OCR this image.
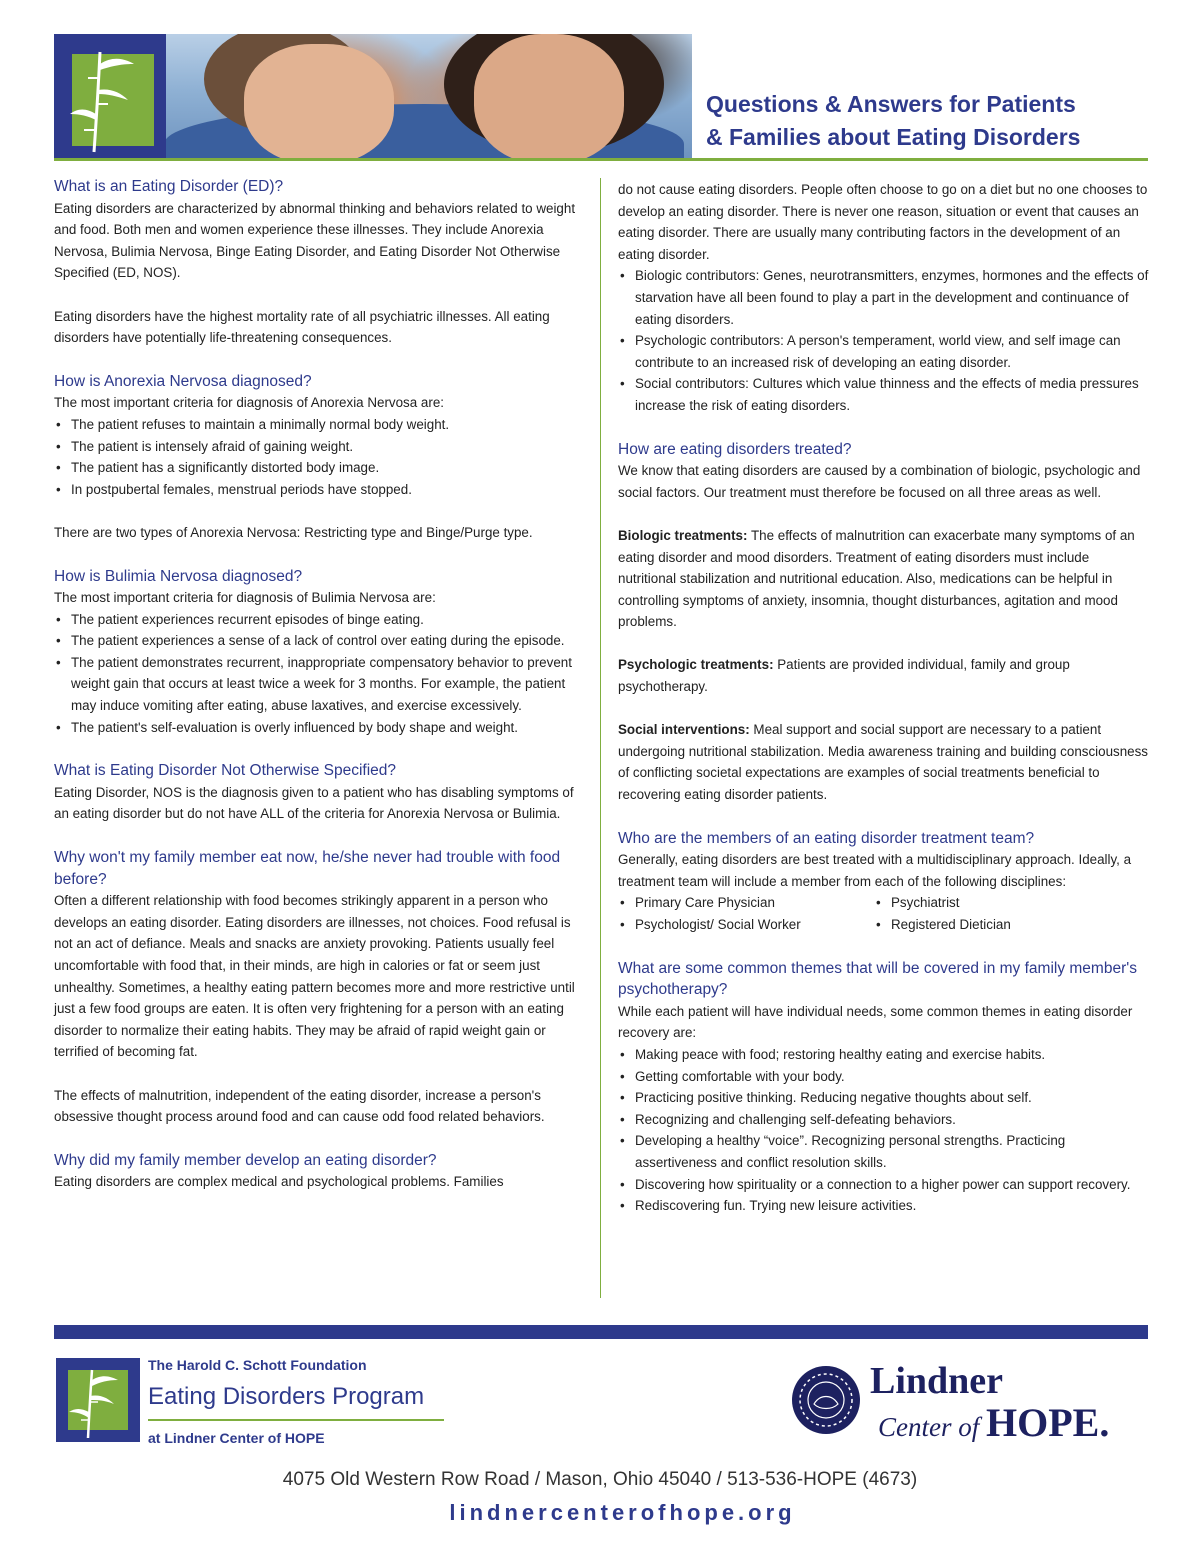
Questions & Answers for Patients
& Families about Eating Disorders
What is an Eating Disorder (ED)?

Eating disorders are characterized by abnormal thinking and behaviors related to weight and food. Both men and women experience these illnesses. They include Anorexia Nervosa, Bulimia Nervosa, Binge Eating Disorder, and Eating Disorder Not Otherwise Specified (ED, NOS).

Eating disorders have the highest mortality rate of all psychiatric illnesses. All eating disorders have potentially life-threatening consequences.

How is Anorexia Nervosa diagnosed?

The most important criteria for diagnosis of Anorexia Nervosa are:

• The patient refuses to maintain a minimally normal body weight.
• The patient is intensely afraid of gaining weight.
• The patient has a significantly distorted body image.
• In postpubertal females, menstrual periods have stopped.

There are two types of Anorexia Nervosa: Restricting type and Binge/Purge type.

How is Bulimia Nervosa diagnosed?

The most important criteria for diagnosis of Bulimia Nervosa are:

• The patient experiences recurrent episodes of binge eating.
• The patient experiences a sense of a lack of control over eating during the episode.
• The patient demonstrates recurrent, inappropriate compensatory behavior to prevent weight gain that occurs at least twice a week for 3 months. For example, the patient may induce vomiting after eating, abuse laxatives, and exercise excessively.
• The patient's self-evaluation is overly influenced by body shape and weight.
What is Eating Disorder Not Otherwise Specified?

Eating Disorder, NOS is the diagnosis given to a patient who has disabling symptoms of an eating disorder but do not have ALL of the criteria for Anorexia Nervosa or Bulimia.

Why won't my family member eat now, he/she never had trouble with food before?

Often a different relationship with food becomes strikingly apparent in a person who develops an eating disorder. Eating disorders are illnesses, not choices. Food refusal is not an act of defiance. Meals and snacks are anxiety provoking. Patients usually feel uncomfortable with food that, in their minds, are high in calories or fat or seem just unhealthy. Sometimes, a healthy eating pattern becomes more and more restrictive until just a few food groups are eaten. It is often very frightening for a person with an eating disorder to normalize their eating habits. They may be afraid of rapid weight gain or terrified of becoming fat.

The effects of malnutrition, independent of the eating disorder, increase a person's obsessive thought process around food and can cause odd food related behaviors.

Why did my family member develop an eating disorder?

Eating disorders are complex medical and psychological problems. Families

do not cause eating disorders. People often choose to go on a diet but no one chooses to develop an eating disorder. There is never one reason, situation or event that causes an eating disorder. There are usually many contributing factors in the development of an eating disorder.

• Biologic contributors: Genes, neurotransmitters, enzymes, hormones and the effects of starvation have all been found to play a part in the development and continuance of eating disorders.
• Psychologic contributors: A person's temperament, world view, and self image can contribute to an increased risk of developing an eating disorder.
• Social contributors: Cultures which value thinness and the effects of media pressures increase the risk of eating disorders.
How are eating disorders treated?

We know that eating disorders are caused by a combination of biologic, psychologic and social factors. Our treatment must therefore be focused on all three areas as well.

Biologic treatments: The effects of malnutrition can exacerbate many symptoms of an eating disorder and mood disorders. Treatment of eating disorders must include nutritional stabilization and nutritional education. Also, medications can be helpful in controlling symptoms of anxiety, insomnia, thought disturbances, agitation and mood problems.

Psychologic treatments: Patients are provided individual, family and group psychotherapy.

Social interventions: Meal support and social support are necessary to a patient undergoing nutritional stabilization. Media awareness training and building consciousness of conflicting societal expectations are examples of social treatments beneficial to recovering eating disorder patients.

Who are the members of an eating disorder treatment team?

Generally, eating disorders are best treated with a multidisciplinary approach. Ideally, a treatment team will include a member from each of the following disciplines:

• Primary Care Physician
• Psychologist/ Social Worker
• Psychiatrist
• Registered Dietician
What are some common themes that will be covered in my family member's psychotherapy?

While each patient will have individual needs, some common themes in eating disorder recovery are:

• Making peace with food; restoring healthy eating and exercise habits.
• Getting comfortable with your body.
• Practicing positive thinking. Reducing negative thoughts about self.
• Recognizing and challenging self-defeating behaviors.
• Developing a healthy “voice”. Recognizing personal strengths. Practicing assertiveness and conflict resolution skills.
• Discovering how spirituality or a connection to a higher power can support recovery.
• Rediscovering fun. Trying new leisure activities.
The Harold C. Schott Foundation
Eating Disorders Program
at Lindner Center of HOPE
Lindner
Center of HOPE.
4075 Old Western Row Road / Mason, Ohio 45040 / 513-536-HOPE (4673)
lindnercenterofhope.org
